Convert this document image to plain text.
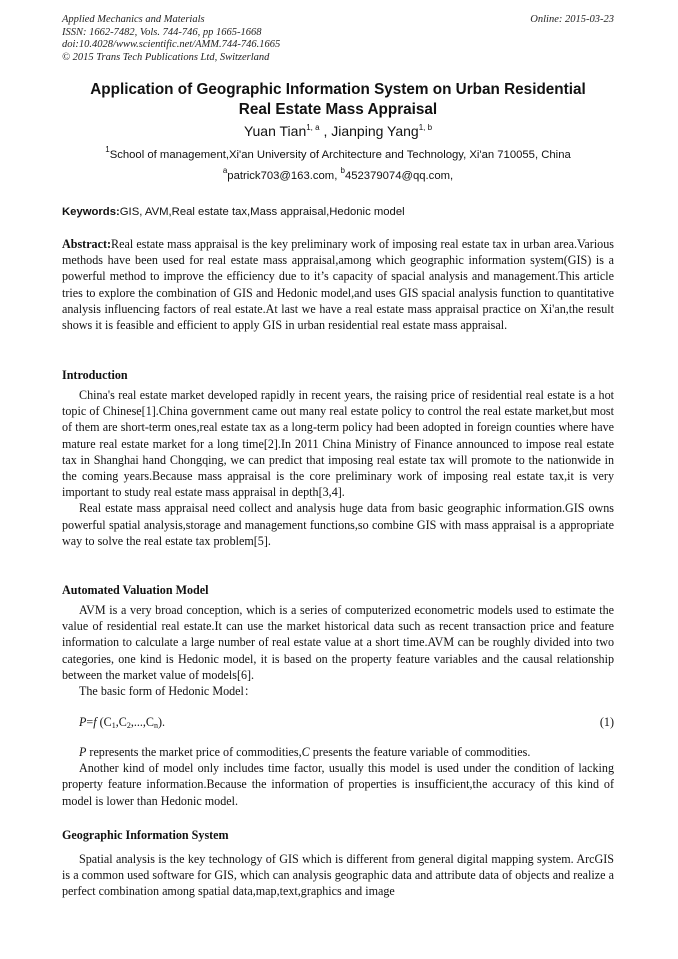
Applied Mechanics and Materials
ISSN: 1662-7482, Vols. 744-746, pp 1665-1668
doi:10.4028/www.scientific.net/AMM.744-746.1665
© 2015 Trans Tech Publications Ltd, Switzerland
Online: 2015-03-23
Application of Geographic Information System on Urban Residential
Real Estate Mass Appraisal
Yuan Tian$^{1, a}$ , Jianping Yang$^{1, b}$
$^1$School of management,Xi'an University of Architecture and Technology, Xi'an 710055, China
$^a$patrick703@163.com, $^b$452379074@qq.com,
Keywords:GIS, AVM,Real estate tax,Mass appraisal,Hedonic model

Abstract:Real estate mass appraisal is the key preliminary work of imposing real estate tax in urban area.Various methods have been used for real estate mass appraisal,among which geographic information system(GIS) is a powerful method to improve the efficiency due to it’s capacity of spacial analysis and management.This article tries to explore the combination of GIS and Hedonic model,and uses GIS spacial analysis function to quantitative analysis influencing factors of real estate.At last we have a real estate mass appraisal practice on Xi'an,the result shows it is feasible and efficient to apply GIS in urban residential real estate mass appraisal.

Introduction

China's real estate market developed rapidly in recent years, the raising price of residential real estate is a hot topic of Chinese[1].China government came out many real estate policy to control the real estate market,but most of them are short-term ones,real estate tax as a long-term policy had been adopted in foreign counties where have mature real estate market for a long time[2].In 2011 China Ministry of Finance announced to impose real estate tax in Shanghai hand Chongqing, we can predict that imposing real estate tax will promote to the nationwide in the coming years.Because mass appraisal is the core preliminary work of imposing real estate tax,it is very important to study real estate mass appraisal in depth[3,4].

Real estate mass appraisal need collect and analysis huge data from basic geographic information.GIS owns powerful spatial analysis,storage and management functions,so combine GIS with mass appraisal is a appropriate way to solve the real estate tax problem[5].

Automated Valuation Model

AVM is a very broad conception, which is a series of computerized econometric models used to estimate the value of residential real estate.It can use the market historical data such as recent transaction price and feature information to calculate a large number of real estate value at a short time.AVM can be roughly divided into two categories, one kind is Hedonic model, it is based on the property feature variables and the causal relationship between the market value of models[6].

The basic form of Hedonic Model：

P=f $(C_1,C_2,...,C_n)$.	(1)

P represents the market price of commodities,C presents the feature variable of commodities.

Another kind of model only includes time factor, usually this model is used under the condition of lacking property feature information.Because the information of properties is insufficient,the accuracy of this kind of model is lower than Hedonic model.

Geographic Information System

Spatial analysis is the key technology of GIS which is different from general digital mapping system. ArcGIS is a common used software for GIS, which can analysis geographic data and attribute data of objects and realize a perfect combination among spatial data,map,text,graphics and image
